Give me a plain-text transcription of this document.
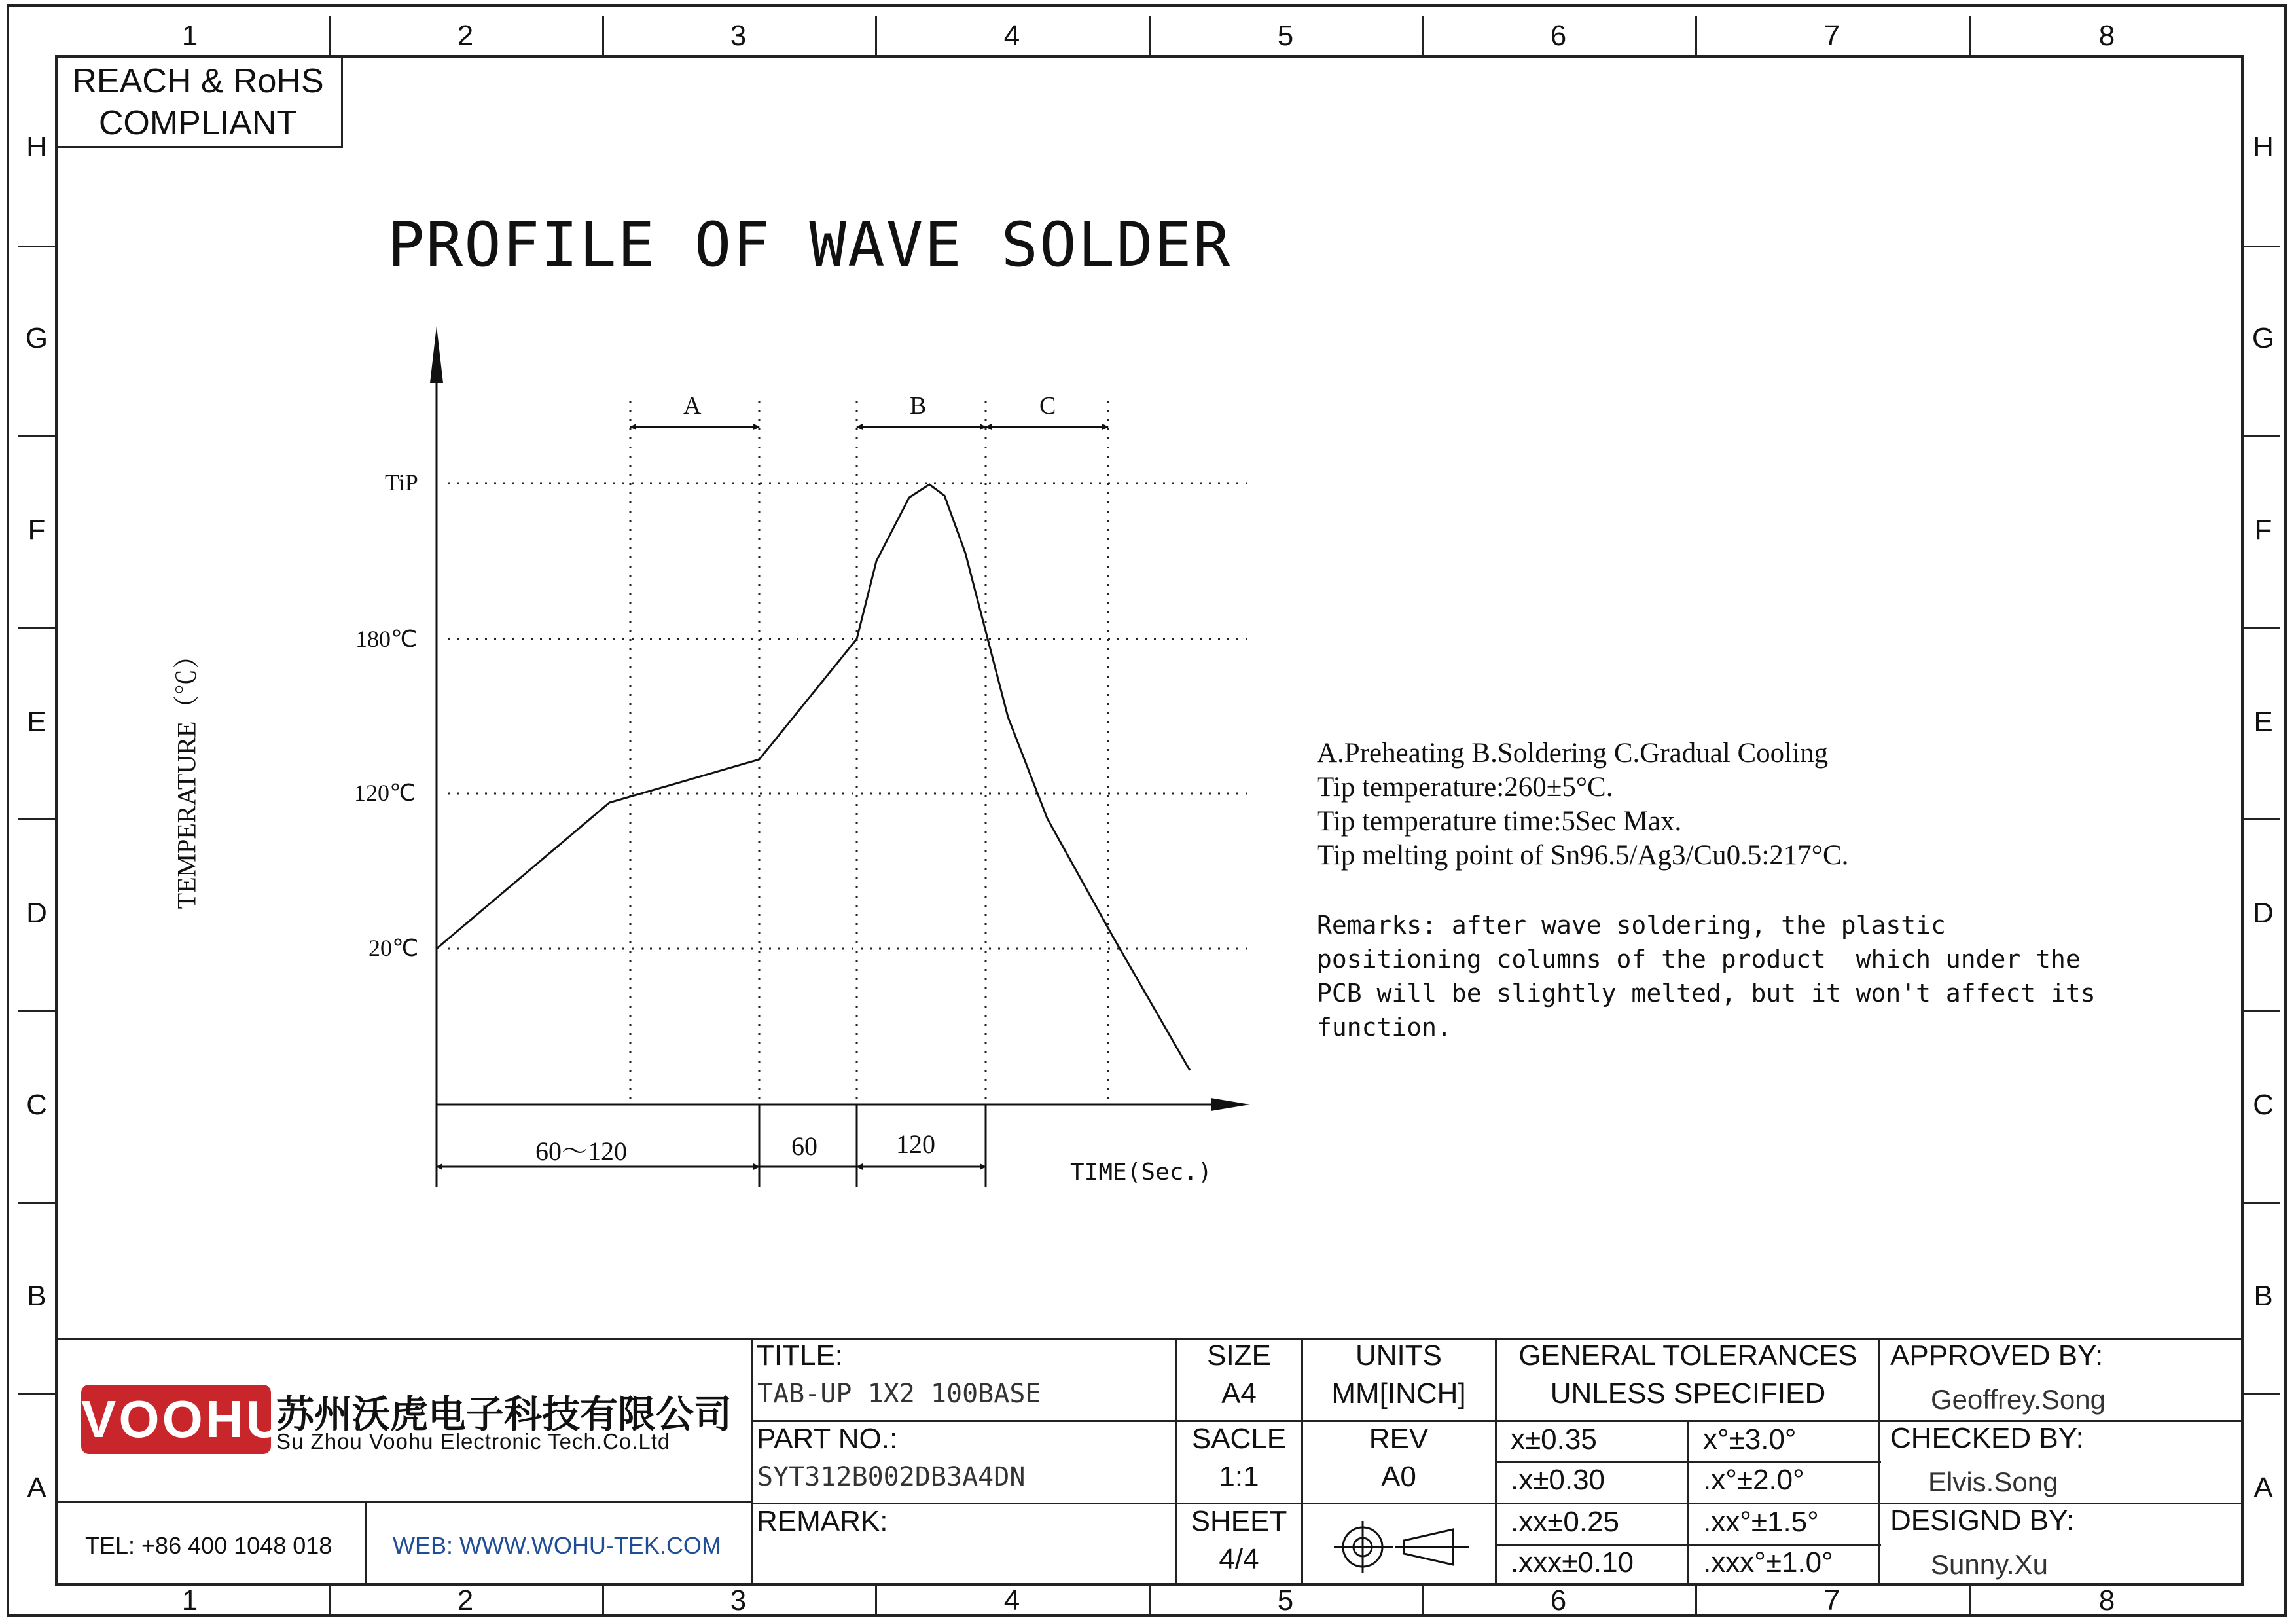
1	2	3	4	5	6	7	8
1	2	3	4	5	6	7	8
H
G
F
E
D
C
B
A
H
G
F
E
D
C
B
A
REACH & RoHS
COMPLIANT
PROFILE OF WAVE SOLDER
TEMPERATURE（℃）
TiP
180℃
120℃
20℃
A	B	C
60～120	60	120
TIME(Sec.)
A.Preheating B.Soldering C.Gradual Cooling
Tip temperature:260±5°C.
Tip temperature time:5Sec Max.
Tip melting point of Sn96.5/Ag3/Cu0.5:217°C.
Remarks: after wave soldering, the plastic
positioning columns of the product  which under the
PCB will be slightly melted, but it won't affect its
function.
VOOHU
苏州沃虎电子科技有限公司
Su Zhou Voohu Electronic Tech.Co.Ltd
TEL: +86 400 1048 018	WEB: WWW.WOHU-TEK.COM
TITLE:
TAB-UP 1X2 100BASE
PART NO.:
SYT312B002DB3A4DN
REMARK:
SIZE
A4
SACLE
1:1
SHEET
4/4
UNITS
MM[INCH]
REV
A0
GENERAL TOLERANCES
UNLESS SPECIFIED
x±0.35	x°±3.0°
.x±0.30	.x°±2.0°
.xx±0.25	.xx°±1.5°
.xxx±0.10 .xxx°±1.0°
APPROVED BY:
Geoffrey.Song
CHECKED BY:
Elvis.Song
DESIGND BY:
Sunny.Xu
